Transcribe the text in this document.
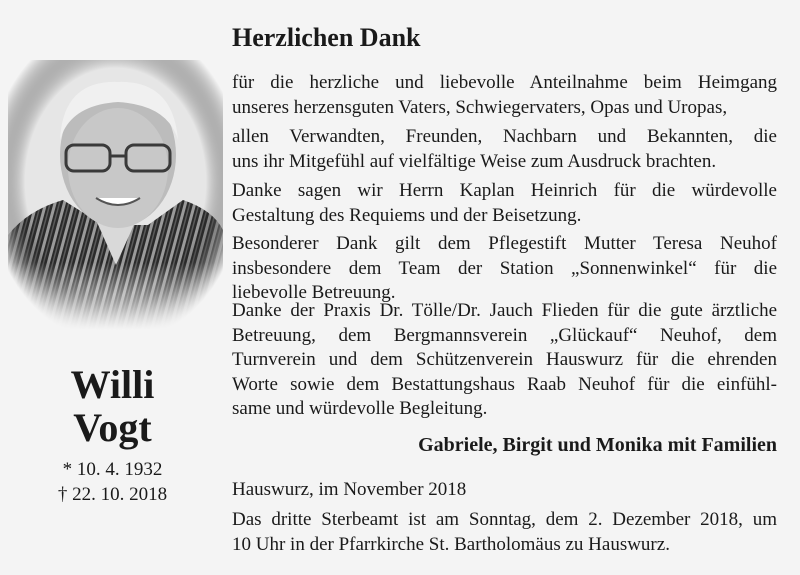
Willi
Vogt
* 10. 4. 1932
† 22. 10. 2018
Herzlichen Dank
für die herzliche und liebevolle Anteilnahme beim Heimgang
unseres herzensguten Vaters, Schwiegervaters, Opas und Uropas,
allen Verwandten, Freunden, Nachbarn und Bekannten, die
uns ihr Mitgefühl auf vielfältige Weise zum Ausdruck brachten.
Danke sagen wir Herrn Kaplan Heinrich für die würdevolle
Gestaltung des Requiems und der Beisetzung.
Besonderer Dank gilt dem Pflegestift Mutter Teresa Neuhof
insbesondere dem Team der Station „Sonnenwinkel“ für die
liebevolle Betreuung.
Danke der Praxis Dr. Tölle/Dr. Jauch Flieden für die gute ärztliche
Betreuung, dem Bergmannsverein „Glückauf“ Neuhof, dem
Turnverein und dem Schützenverein Hauswurz für die ehrenden
Worte sowie dem Bestattungshaus Raab Neuhof für die einfühl-
same und würdevolle Begleitung.
Gabriele, Birgit und Monika mit Familien
Hauswurz, im November 2018
Das dritte Sterbeamt ist am Sonntag, dem 2. Dezember 2018, um
10 Uhr in der Pfarrkirche St. Bartholomäus zu Hauswurz.
